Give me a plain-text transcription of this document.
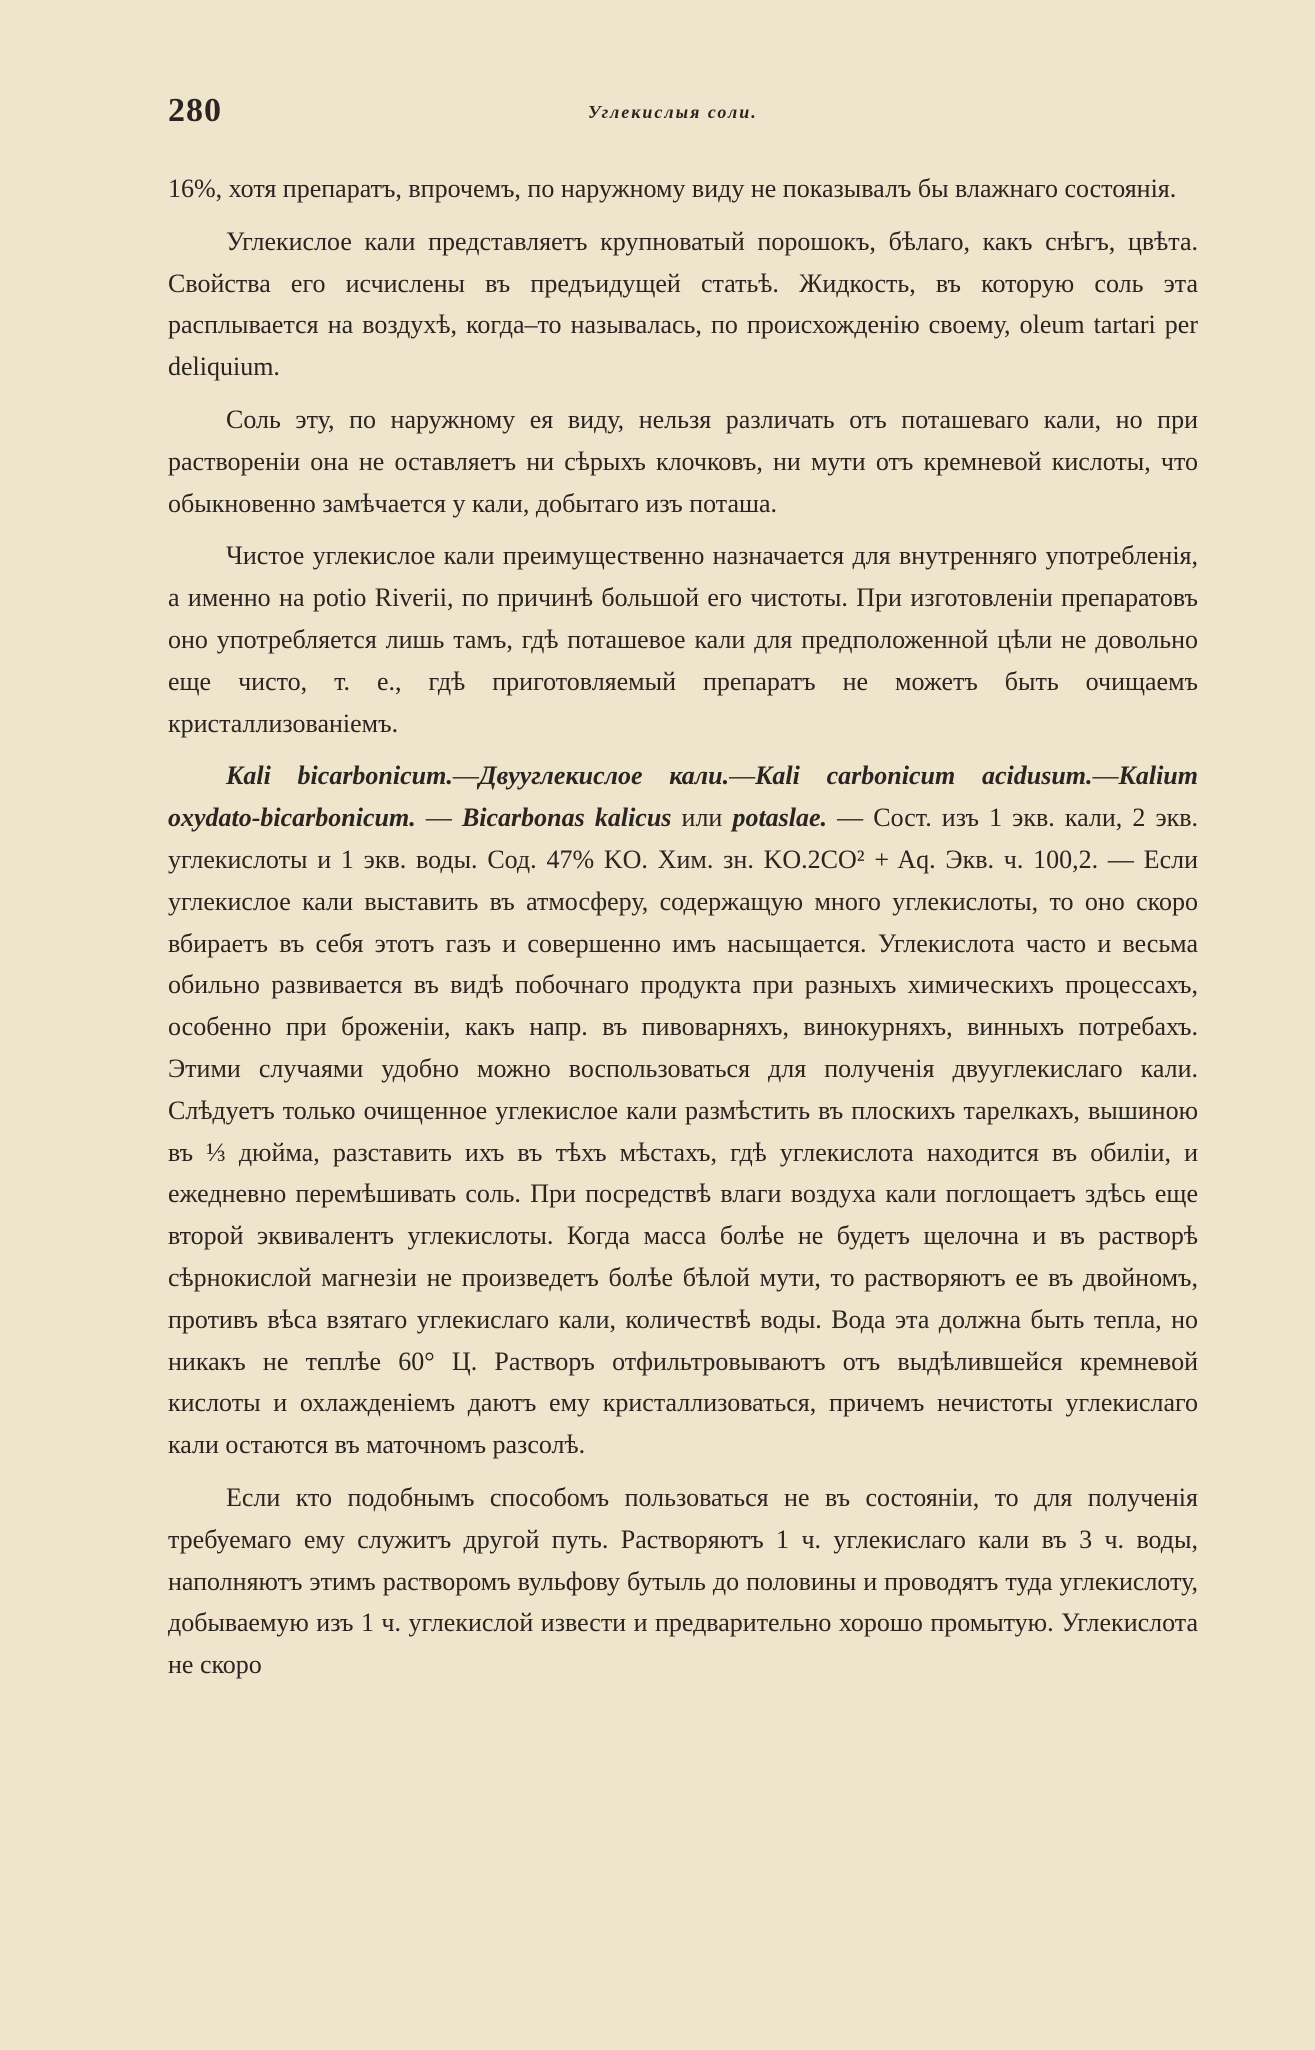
280	Углекислыя соли.

16%, хотя препаратъ, впрочемъ, по наружному виду не показывалъ бы влажнаго состоянія.

Углекислое кали представляетъ крупноватый порошокъ, бѣлаго, какъ снѣгъ, цвѣта. Свойства его исчислены въ предъидущей статьѣ. Жидкость, въ которую соль эта расплывается на воздухѣ, когда–то называлась, по происхожденію своему, oleum tartari per deliquium.

Соль эту, по наружному ея виду, нельзя различать отъ поташеваго кали, но при раствореніи она не оставляетъ ни сѣрыхъ клочковъ, ни мути отъ кремневой кислоты, что обыкновенно замѣчается у кали, добытаго изъ поташа.

Чистое углекислое кали преимущественно назначается для внутренняго употребленія, а именно на potio Riverii, по причинѣ большой его чистоты. При изготовленіи препаратовъ оно употребляется лишь тамъ, гдѣ поташевое кали для предположенной цѣли не довольно еще чисто, т. е., гдѣ приготовляемый препаратъ не можетъ быть очищаемъ кристаллизованіемъ.

Kali bicarbonicum.—Двууглекислое кали.—Kali carbonicum acidusum.—Kalium oxydato-bicarbonicum. — Bicarbonas kalicus или potaslae. — Сост. изъ 1 экв. кали, 2 экв. углекислоты и 1 экв. воды. Сод. 47% KO. Хим. зн. KO.2CO² + Aq. Экв. ч. 100,2. — Если углекислое кали выставить въ атмосферу, содержащую много углекислоты, то оно скоро вбираетъ въ себя этотъ газъ и совершенно имъ насыщается. Углекислота часто и весьма обильно развивается въ видѣ побочнаго продукта при разныхъ химическихъ процессахъ, особенно при броженіи, какъ напр. въ пивоварняхъ, винокурняхъ, винныхъ потребахъ. Этими случаями удобно можно воспользоваться для полученія двууглекислаго кали. Слѣдуетъ только очищенное углекислое кали размѣстить въ плоскихъ тарелкахъ, вышиною въ ⅓ дюйма, разставить ихъ въ тѣхъ мѣстахъ, гдѣ углекислота находится въ обиліи, и ежедневно перемѣшивать соль. При посредствѣ влаги воздуха кали поглощаетъ здѣсь еще второй эквивалентъ углекислоты. Когда масса болѣе не будетъ щелочна и въ растворѣ сѣрнокислой магнезіи не произведетъ болѣе бѣлой мути, то растворяютъ ее въ двойномъ, противъ вѣса взятаго углекислаго кали, количествѣ воды. Вода эта должна быть тепла, но никакъ не теплѣе 60° Ц. Растворъ отфильтровываютъ отъ выдѣлившейся кремневой кислоты и охлажденіемъ даютъ ему кристаллизоваться, причемъ нечистоты углекислаго кали остаются въ маточномъ разсолѣ.

Если кто подобнымъ способомъ пользоваться не въ состояніи, то для полученія требуемаго ему служитъ другой путь. Растворяютъ 1 ч. углекислаго кали въ 3 ч. воды, наполняютъ этимъ растворомъ вульфову бутыль до половины и проводятъ туда углекислоту, добываемую изъ 1 ч. углекислой извести и предварительно хорошо промытую. Углекислота не скоро
